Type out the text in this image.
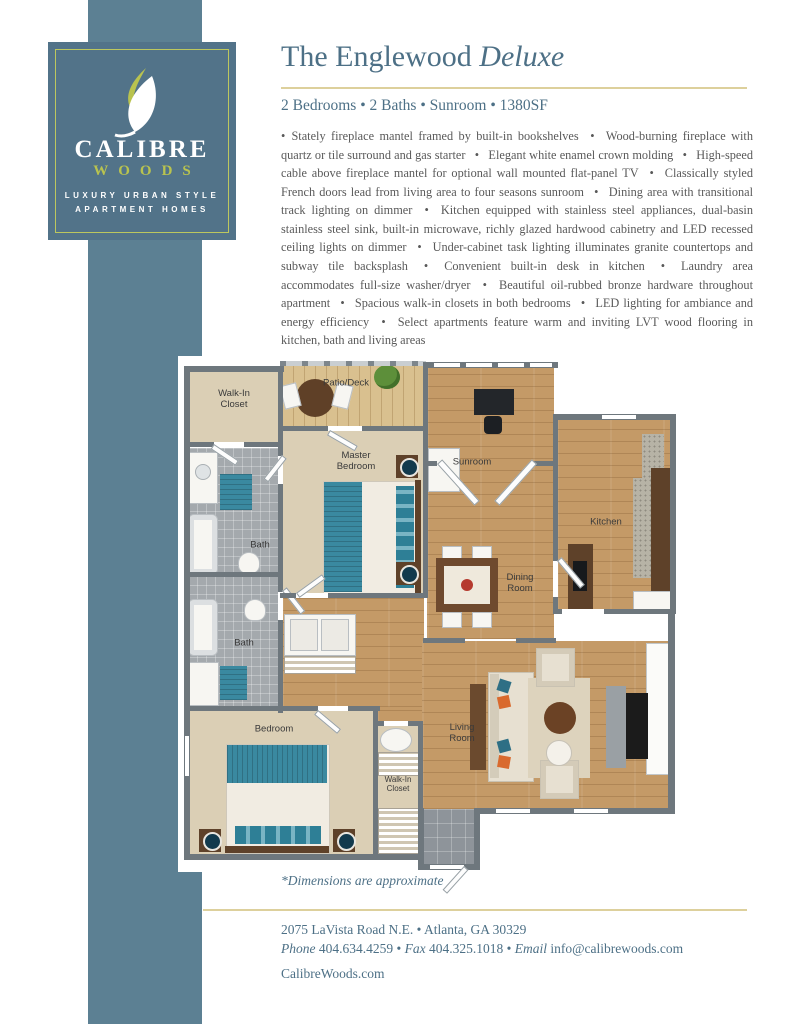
CALIBRE
WOODS
LUXURY URBAN STYLE
APARTMENT HOMES
The Englewood Deluxe
2 Bedrooms • 2 Baths • Sunroom • 1380SF
• Stately fireplace mantel framed by built-in bookshelves  •  Wood-burning fireplace with quartz or tile surround and gas starter  •  Elegant white enamel crown molding  •  High-speed cable above fireplace mantel for optional wall mounted flat-panel TV  •  Classically styled French doors lead from living area to four seasons sunroom  •  Dining area with transitional track lighting on dimmer  •  Kitchen equipped with stainless steel appliances, dual-basin stainless steel sink, built-in microwave, richly glazed hardwood cabinetry and LED recessed ceiling lights on dimmer  •  Under-cabinet task lighting illuminates granite countertops and subway tile backsplash  •  Convenient built-in desk in kitchen  •  Laundry area accommodates full-size washer/dryer  •  Beautiful oil-rubbed bronze hardware throughout apartment  •  Spacious walk-in closets in both bedrooms  •  LED lighting for ambiance and energy efficiency  •  Select apartments feature warm and inviting LVT wood flooring in kitchen, bath and living areas
Walk-In Closet
Patio/Deck
Master Bedroom	Sunroom
Kitchen
Dining Room
Bath
Bath
Bedroom
Walk-In Closet
Living Room
*Dimensions are approximate
2075 LaVista Road N.E. • Atlanta, GA 30329
Phone 404.634.4259 • Fax 404.325.1018 • Email info@calibrewoods.com
CalibreWoods.com
